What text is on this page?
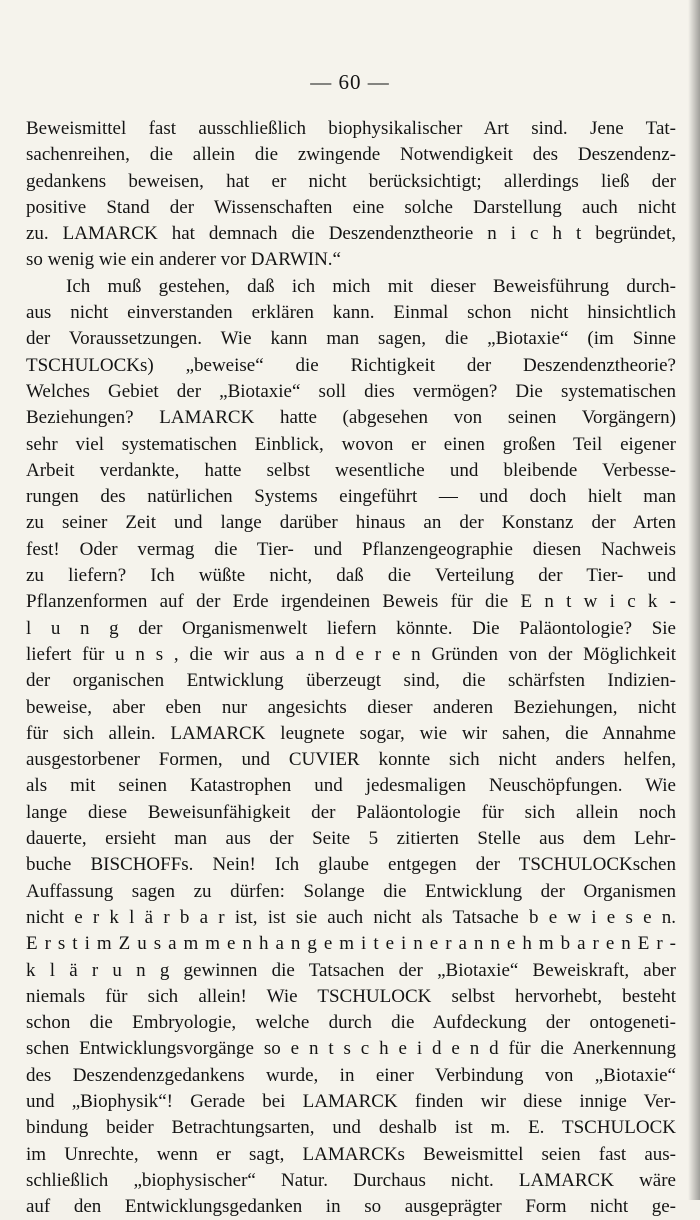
— 60 —
Beweismittel fast ausschließlich biophysikalischer Art sind. Jene Tat-
sachenreihen, die allein die zwingende Notwendigkeit des Deszendenz-
gedankens beweisen, hat er nicht berücksichtigt; allerdings ließ der
positive Stand der Wissenschaften eine solche Darstellung auch nicht
zu. LAMARCK hat demnach die Deszendenztheorie n i c h t begründet,
so wenig wie ein anderer vor DARWIN.“
Ich muß gestehen, daß ich mich mit dieser Beweisführung durch-
aus nicht einverstanden erklären kann. Einmal schon nicht hinsichtlich
der Voraussetzungen. Wie kann man sagen, die „Biotaxie“ (im Sinne
TSCHULOCKs) „beweise“ die Richtigkeit der Deszendenztheorie?
Welches Gebiet der „Biotaxie“ soll dies vermögen? Die systematischen
Beziehungen? LAMARCK hatte (abgesehen von seinen Vorgängern)
sehr viel systematischen Einblick, wovon er einen großen Teil eigener
Arbeit verdankte, hatte selbst wesentliche und bleibende Verbesse-
rungen des natürlichen Systems eingeführt — und doch hielt man
zu seiner Zeit und lange darüber hinaus an der Konstanz der Arten
fest! Oder vermag die Tier- und Pflanzengeographie diesen Nachweis
zu liefern? Ich wüßte nicht, daß die Verteilung der Tier- und
Pflanzenformen auf der Erde irgendeinen Beweis für die E n t w i c k -
l u n g der Organismenwelt liefern könnte. Die Paläontologie? Sie
liefert für u n s , die wir aus a n d e r e n Gründen von der Möglichkeit
der organischen Entwicklung überzeugt sind, die schärfsten Indizien-
beweise, aber eben nur angesichts dieser anderen Beziehungen, nicht
für sich allein. LAMARCK leugnete sogar, wie wir sahen, die Annahme
ausgestorbener Formen, und CUVIER konnte sich nicht anders helfen,
als mit seinen Katastrophen und jedesmaligen Neuschöpfungen. Wie
lange diese Beweisunfähigkeit der Paläontologie für sich allein noch
dauerte, ersieht man aus der Seite 5 zitierten Stelle aus dem Lehr-
buche BISCHOFFs. Nein! Ich glaube entgegen der TSCHULOCKschen
Auffassung sagen zu dürfen: Solange die Entwicklung der Organismen
nicht e r k l ä r b a r ist, ist sie auch nicht als Tatsache b e w i e s e n.
E r s t i m Z u s a m m e n h a n g e m i t e i n e r a n n e h m b a r e n E r -
k l ä r u n g gewinnen die Tatsachen der „Biotaxie“ Beweiskraft, aber
niemals für sich allein! Wie TSCHULOCK selbst hervorhebt, besteht
schon die Embryologie, welche durch die Aufdeckung der ontogeneti-
schen Entwicklungsvorgänge so e n t s c h e i d e n d für die Anerkennung
des Deszendenzgedankens wurde, in einer Verbindung von „Biotaxie“
und „Biophysik“! Gerade bei LAMARCK finden wir diese innige Ver-
bindung beider Betrachtungsarten, und deshalb ist m. E. TSCHULOCK
im Unrechte, wenn er sagt, LAMARCKs Beweismittel seien fast aus-
schließlich „biophysischer“ Natur. Durchaus nicht. LAMARCK wäre
auf den Entwicklungsgedanken in so ausgeprägter Form nicht ge-
